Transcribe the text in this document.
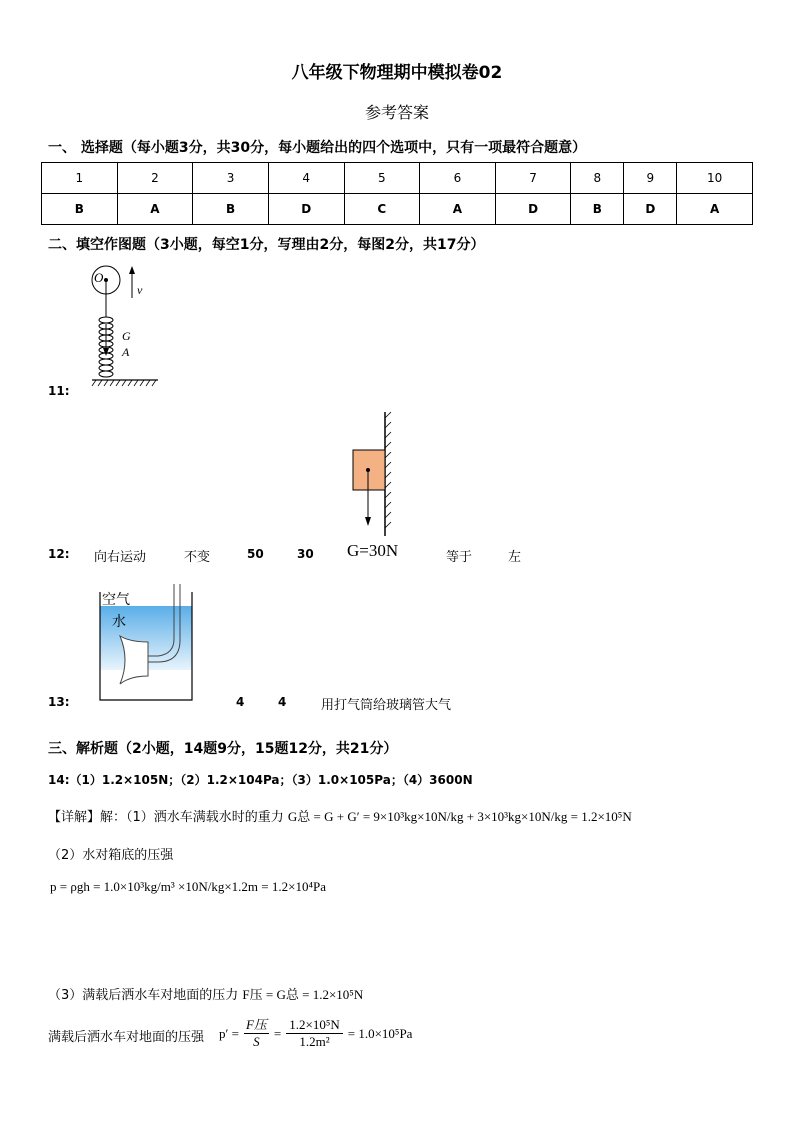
八年级下物理期中模拟卷02
参考答案
一、 选择题（每小题3分，共30分，每小题给出的四个选项中，只有一项最符合题意）
1	2	3	4	5	6	7	8	9	10
B	A	B	D	C	A	D	B	D	A
二、填空作图题（3小题，每空1分，写理由2分，每图2分，共17分）
O
v
G
A
11:
12: 向右运动	不变	50	30 G=30N	等于	左
空气
水
13:	4	4	用打气筒给玻璃管大气
三、解析题（2小题，14题9分，15题12分，共21分）
14:（1）1.2×105N；（2）1.2×104Pa；（3）1.0×105Pa；（4）3600N
【详解】解：（1）洒水车满载水时的重力 G总 = G + G′ = 9×10³kg×10N/kg + 3×10³kg×10N/kg = 1.2×10⁵N
（2）水对箱底的压强
p = ρgh = 1.0×10³kg/m³ ×10N/kg×1.2m = 1.2×10⁴Pa
（3）满载后洒水车对地面的压力 F压 = G总 = 1.2×10⁵N
满载后洒水车对地面的压强 p′ =
F压
S
= $\frac{\text{1.2×10⁵N}}{\text{1.2m²}} = 1.0\times 10^5Pa$
